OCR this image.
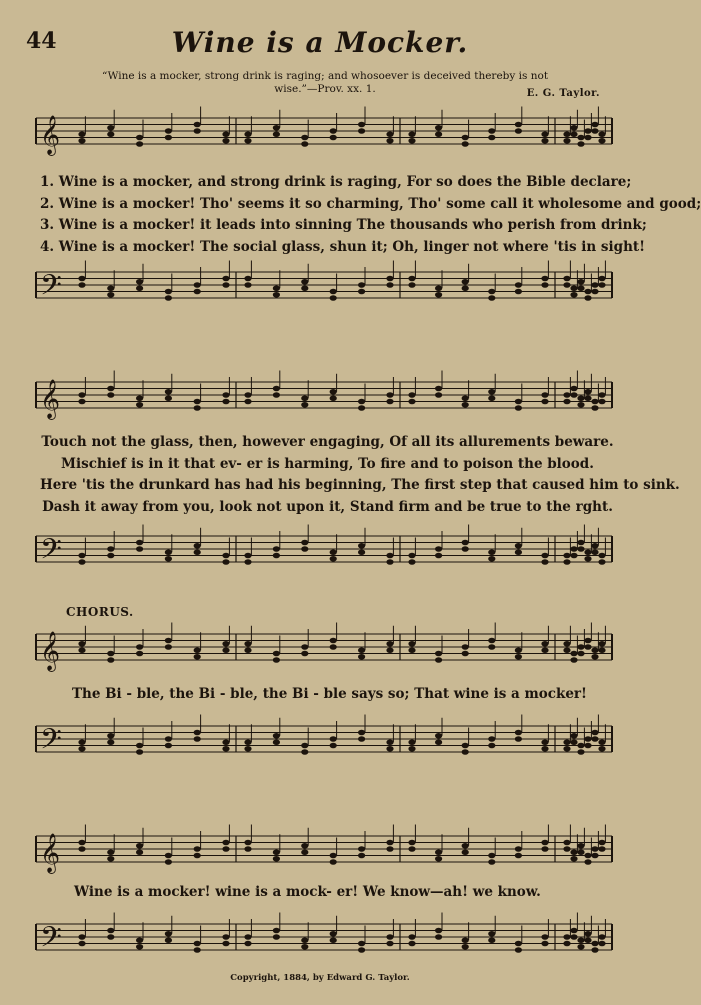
44	Wine is a Mocker.
“Wine is a mocker, strong drink is raging; and whosoever is deceived thereby is not wise.”—Prov. xx. 1.	E. G. Taylor.
𝄞
1. Wine is a mocker, and strong drink is raging, For so does the Bible declare;
2. Wine is a mocker! Tho' seems it so charming, Tho' some call it wholesome and good;
3. Wine is a mocker! it leads into sinning The thousands who perish from drink;
4. Wine is a mocker! The social glass, shun it; Oh, linger not where 'tis in sight!
𝄢
𝄞
Touch not the glass, then, however engaging, Of all its allurements beware.
Mischief is in it that ev- er is harming, To fire and to poison the blood.
Here 'tis the drunkard has had his beginning, The first step that caused him to sink.
Dash it away from you, look not upon it, Stand firm and be true to the rght.
𝄢
CHORUS.
𝄞
The Bi - ble, the Bi - ble, the Bi - ble says so; That wine is a mocker!
𝄢
𝄞
Wine is a mocker! wine is a mock- er! We know—ah! we know.
𝄢
Copyright, 1884, by Edward G. Taylor.
